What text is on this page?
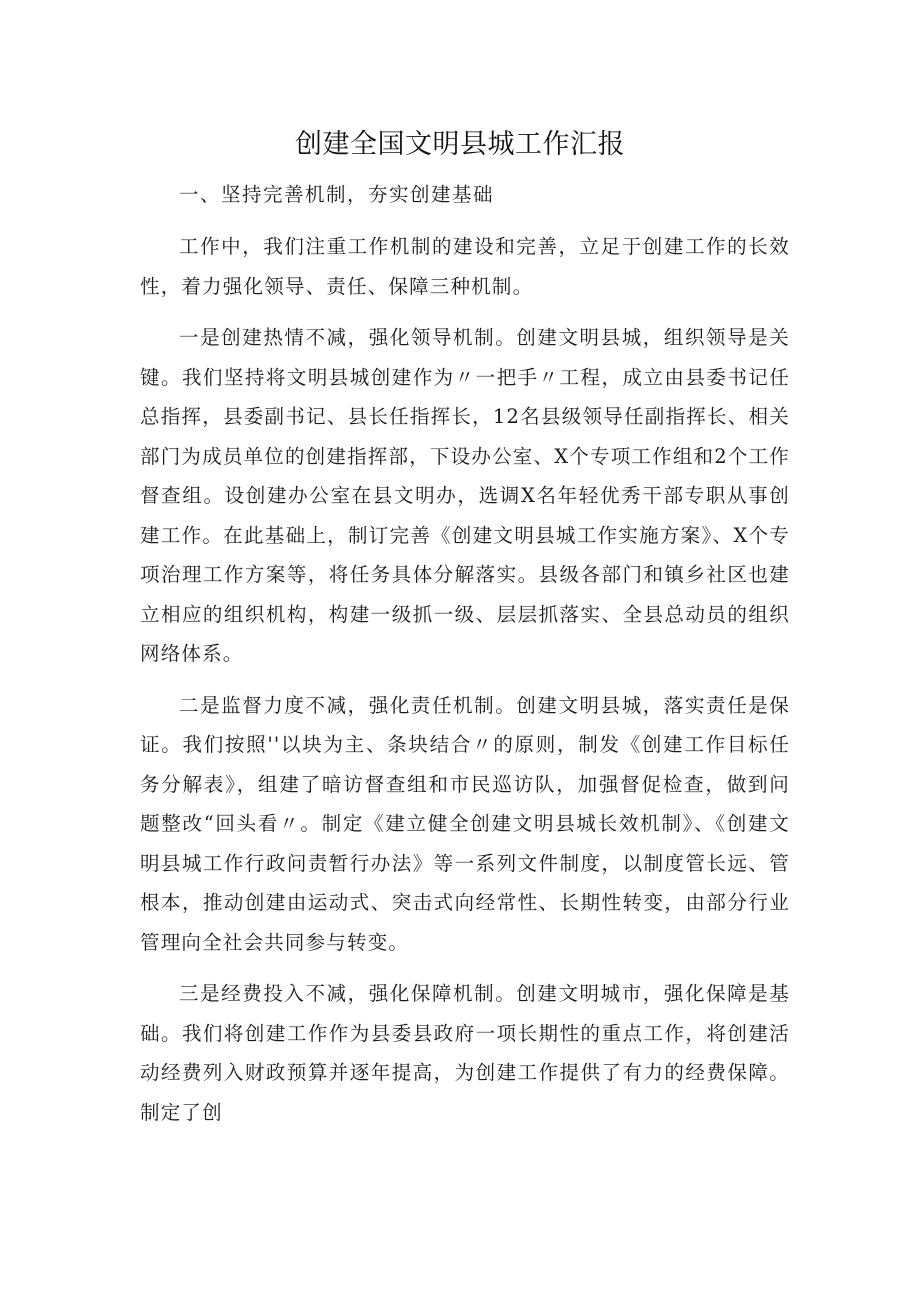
创建全国文明县城工作汇报

一、坚持完善机制，夯实创建基础

工作中，我们注重工作机制的建设和完善，立足于创建工作的长效性，着力强化领导、责任、保障三种机制。

一是创建热情不减，强化领导机制。创建文明县城，组织领导是关键。我们坚持将文明县城创建作为〃一把手〃工程，成立由县委书记任总指挥，县委副书记、县长任指挥长，12名县级领导任副指挥长、相关部门为成员单位的创建指挥部，下设办公室、X个专项工作组和2个工作督查组。设创建办公室在县文明办，选调X名年轻优秀干部专职从事创建工作。在此基础上，制订完善《创建文明县城工作实施方案》、X个专项治理工作方案等，将任务具体分解落实。县级各部门和镇乡社区也建立相应的组织机构，构建一级抓一级、层层抓落实、全县总动员的组织网络体系。

二是监督力度不减，强化责任机制。创建文明县城，落实责任是保证。我们按照''以块为主、条块结合〃的原则，制发《创建工作目标任务分解表》，组建了暗访督查组和市民巡访队，加强督促检查，做到问题整改“回头看〃。制定《建立健全创建文明县城长效机制》、《创建文明县城工作行政问责暂行办法》等一系列文件制度，以制度管长远、管根本，推动创建由运动式、突击式向经常性、长期性转变，由部分行业管理向全社会共同参与转变。

三是经费投入不减，强化保障机制。创建文明城市，强化保障是基础。我们将创建工作作为县委县政府一项长期性的重点工作，将创建活动经费列入财政预算并逐年提高，为创建工作提供了有力的经费保障。制定了创
